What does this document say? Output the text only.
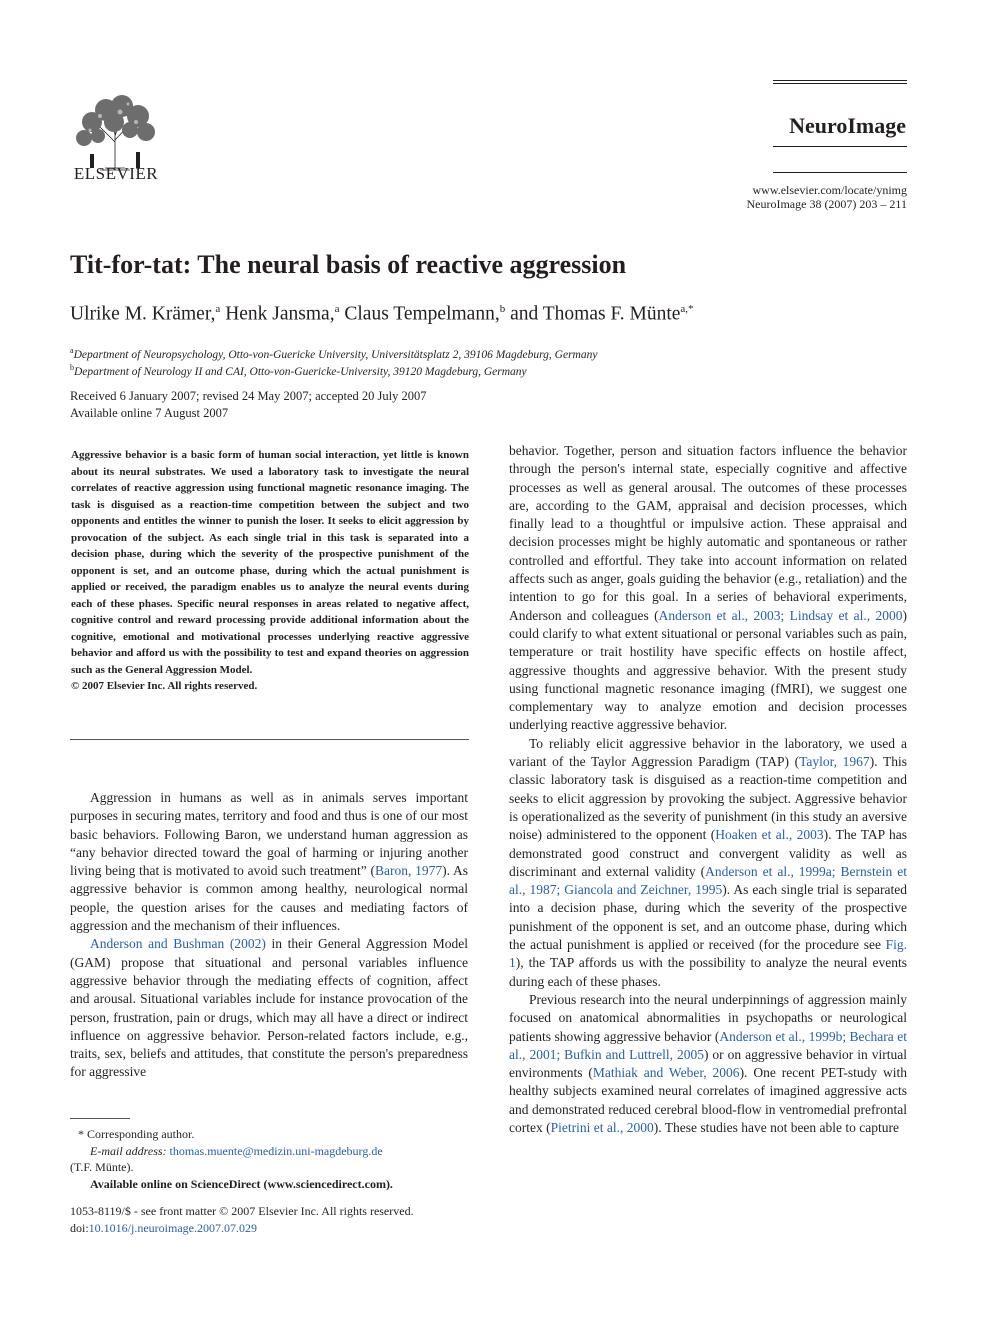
ELSEVIER
NeuroImage
www.elsevier.com/locate/ynimg
NeuroImage 38 (2007) 203 – 211
Tit-for-tat: The neural basis of reactive aggression
Ulrike M. Krämer,$^a$ Henk Jansma,$^a$ Claus Tempelmann,$^b$ and Thomas F. Münte$^{a,*}$
$^a$Department of Neuropsychology, Otto-von-Guericke University, Universitätsplatz 2, 39106 Magdeburg, Germany
$^b$Department of Neurology II and CAI, Otto-von-Guericke-University, 39120 Magdeburg, Germany
Received 6 January 2007; revised 24 May 2007; accepted 20 July 2007
Available online 7 August 2007

Aggressive behavior is a basic form of human social interaction, yet little is known about its neural substrates. We used a laboratory task to investigate the neural correlates of reactive aggression using functional magnetic resonance imaging. The task is disguised as a reaction-time competition between the subject and two opponents and entitles the winner to punish the loser. It seeks to elicit aggression by provocation of the subject. As each single trial in this task is separated into a decision phase, during which the severity of the prospective punishment of the opponent is set, and an outcome phase, during which the actual punishment is applied or received, the paradigm enables us to analyze the neural events during each of these phases. Specific neural responses in areas related to negative affect, cognitive control and reward processing provide additional information about the cognitive, emotional and motivational processes underlying reactive aggressive behavior and afford us with the possibility to test and expand theories on aggression such as the General Aggression Model.

© 2007 Elsevier Inc. All rights reserved.

Aggression in humans as well as in animals serves important purposes in securing mates, territory and food and thus is one of our most basic behaviors. Following Baron, we understand human aggression as “any behavior directed toward the goal of harming or injuring another living being that is motivated to avoid such treatment” (Baron, 1977). As aggressive behavior is common among healthy, neurological normal people, the question arises for the causes and mediating factors of aggression and the mechanism of their influences.

Anderson and Bushman (2002) in their General Aggression Model (GAM) propose that situational and personal variables influence aggressive behavior through the mediating effects of cognition, affect and arousal. Situational variables include for instance provocation of the person, frustration, pain or drugs, which may all have a direct or indirect influence on aggressive behavior. Person-related factors include, e.g., traits, sex, beliefs and attitudes, that constitute the person's preparedness for aggressive

behavior. Together, person and situation factors influence the behavior through the person's internal state, especially cognitive and affective processes as well as general arousal. The outcomes of these processes are, according to the GAM, appraisal and decision processes, which finally lead to a thoughtful or impulsive action. These appraisal and decision processes might be highly automatic and spontaneous or rather controlled and effortful. They take into account information on related affects such as anger, goals guiding the behavior (e.g., retaliation) and the intention to go for this goal. In a series of behavioral experiments, Anderson and colleagues (Anderson et al., 2003; Lindsay et al., 2000) could clarify to what extent situational or personal variables such as pain, temperature or trait hostility have specific effects on hostile affect, aggressive thoughts and aggressive behavior. With the present study using functional magnetic resonance imaging (fMRI), we suggest one complementary way to analyze emotion and decision processes underlying reactive aggressive behavior.

To reliably elicit aggressive behavior in the laboratory, we used a variant of the Taylor Aggression Paradigm (TAP) (Taylor, 1967). This classic laboratory task is disguised as a reaction-time competition and seeks to elicit aggression by provoking the subject. Aggressive behavior is operationalized as the severity of punishment (in this study an aversive noise) administered to the opponent (Hoaken et al., 2003). The TAP has demonstrated good construct and convergent validity as well as discriminant and external validity (Anderson et al., 1999a; Bernstein et al., 1987; Giancola and Zeichner, 1995). As each single trial is separated into a decision phase, during which the severity of the prospective punishment of the opponent is set, and an outcome phase, during which the actual punishment is applied or received (for the procedure see Fig. 1), the TAP affords us with the possibility to analyze the neural events during each of these phases.

Previous research into the neural underpinnings of aggression mainly focused on anatomical abnormalities in psychopaths or neurological patients showing aggressive behavior (Anderson et al., 1999b; Bechara et al., 2001; Bufkin and Luttrell, 2005) or on aggressive behavior in virtual environments (Mathiak and Weber, 2006). One recent PET-study with healthy subjects examined neural correlates of imagined aggressive acts and demonstrated reduced cerebral blood-flow in ventromedial prefrontal cortex (Pietrini et al., 2000). These studies have not been able to capture

* Corresponding author.
E-mail address: thomas.muente@medizin.uni-magdeburg.de
(T.F. Münte).
Available online on ScienceDirect (www.sciencedirect.com).
1053-8119/$ - see front matter © 2007 Elsevier Inc. All rights reserved.
doi:10.1016/j.neuroimage.2007.07.029
